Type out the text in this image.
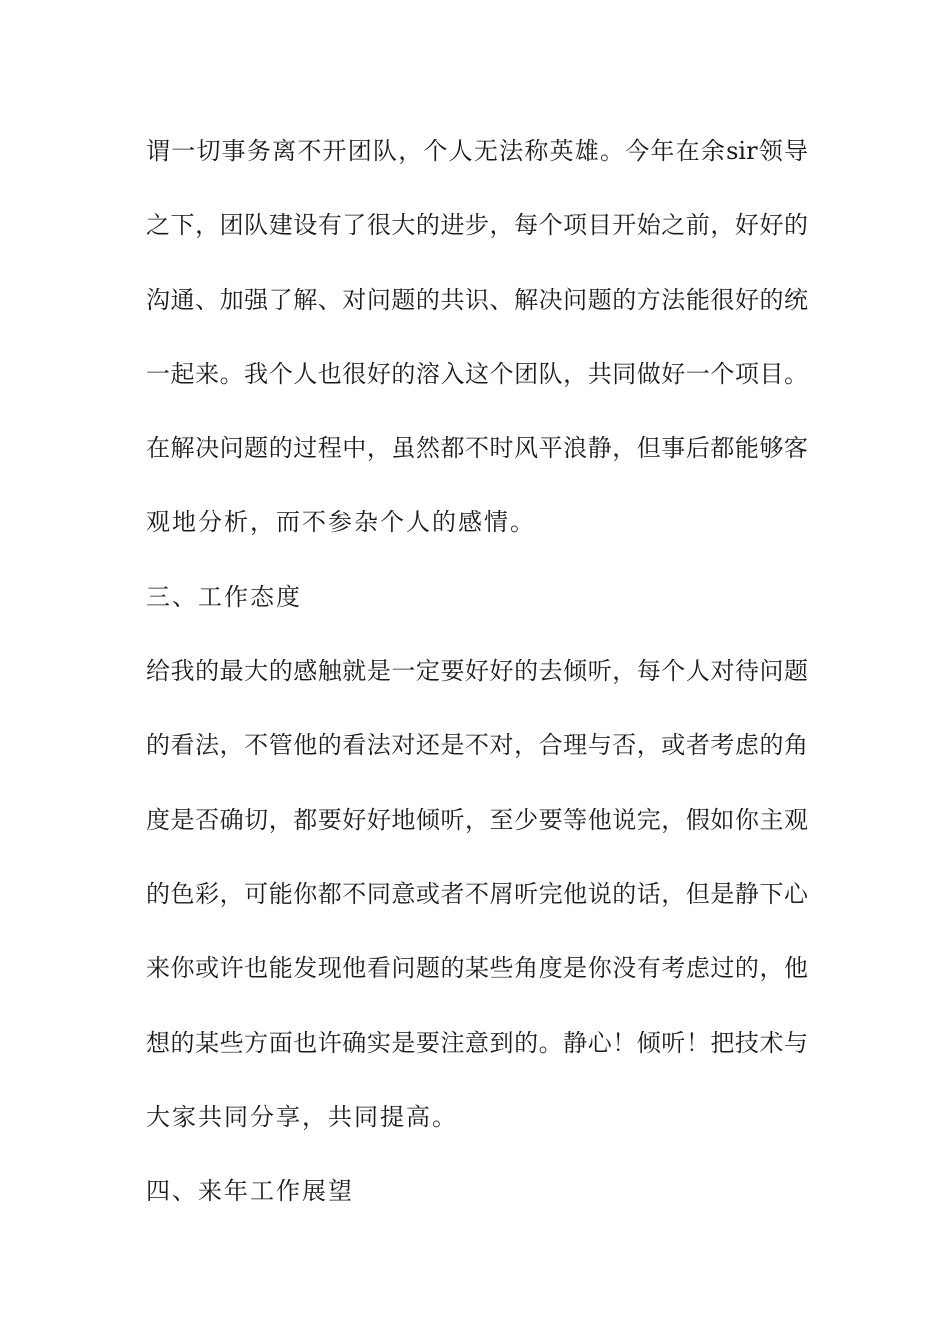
谓一切事务离不开团队，个人无法称英雄。今年在余sir领导
之下，团队建设有了很大的进步，每个项目开始之前，好好的
沟通、加强了解、对问题的共识、解决问题的方法能很好的统
一起来。我个人也很好的溶入这个团队，共同做好一个项目。
在解决问题的过程中，虽然都不时风平浪静，但事后都能够客
观地分析，而不参杂个人的感情。
三、工作态度
给我的最大的感触就是一定要好好的去倾听，每个人对待问题
的看法，不管他的看法对还是不对，合理与否，或者考虑的角
度是否确切，都要好好地倾听，至少要等他说完，假如你主观
的色彩，可能你都不同意或者不屑听完他说的话，但是静下心
来你或许也能发现他看问题的某些角度是你没有考虑过的，他
想的某些方面也许确实是要注意到的。静心！倾听！把技术与
大家共同分享，共同提高。
四、来年工作展望
